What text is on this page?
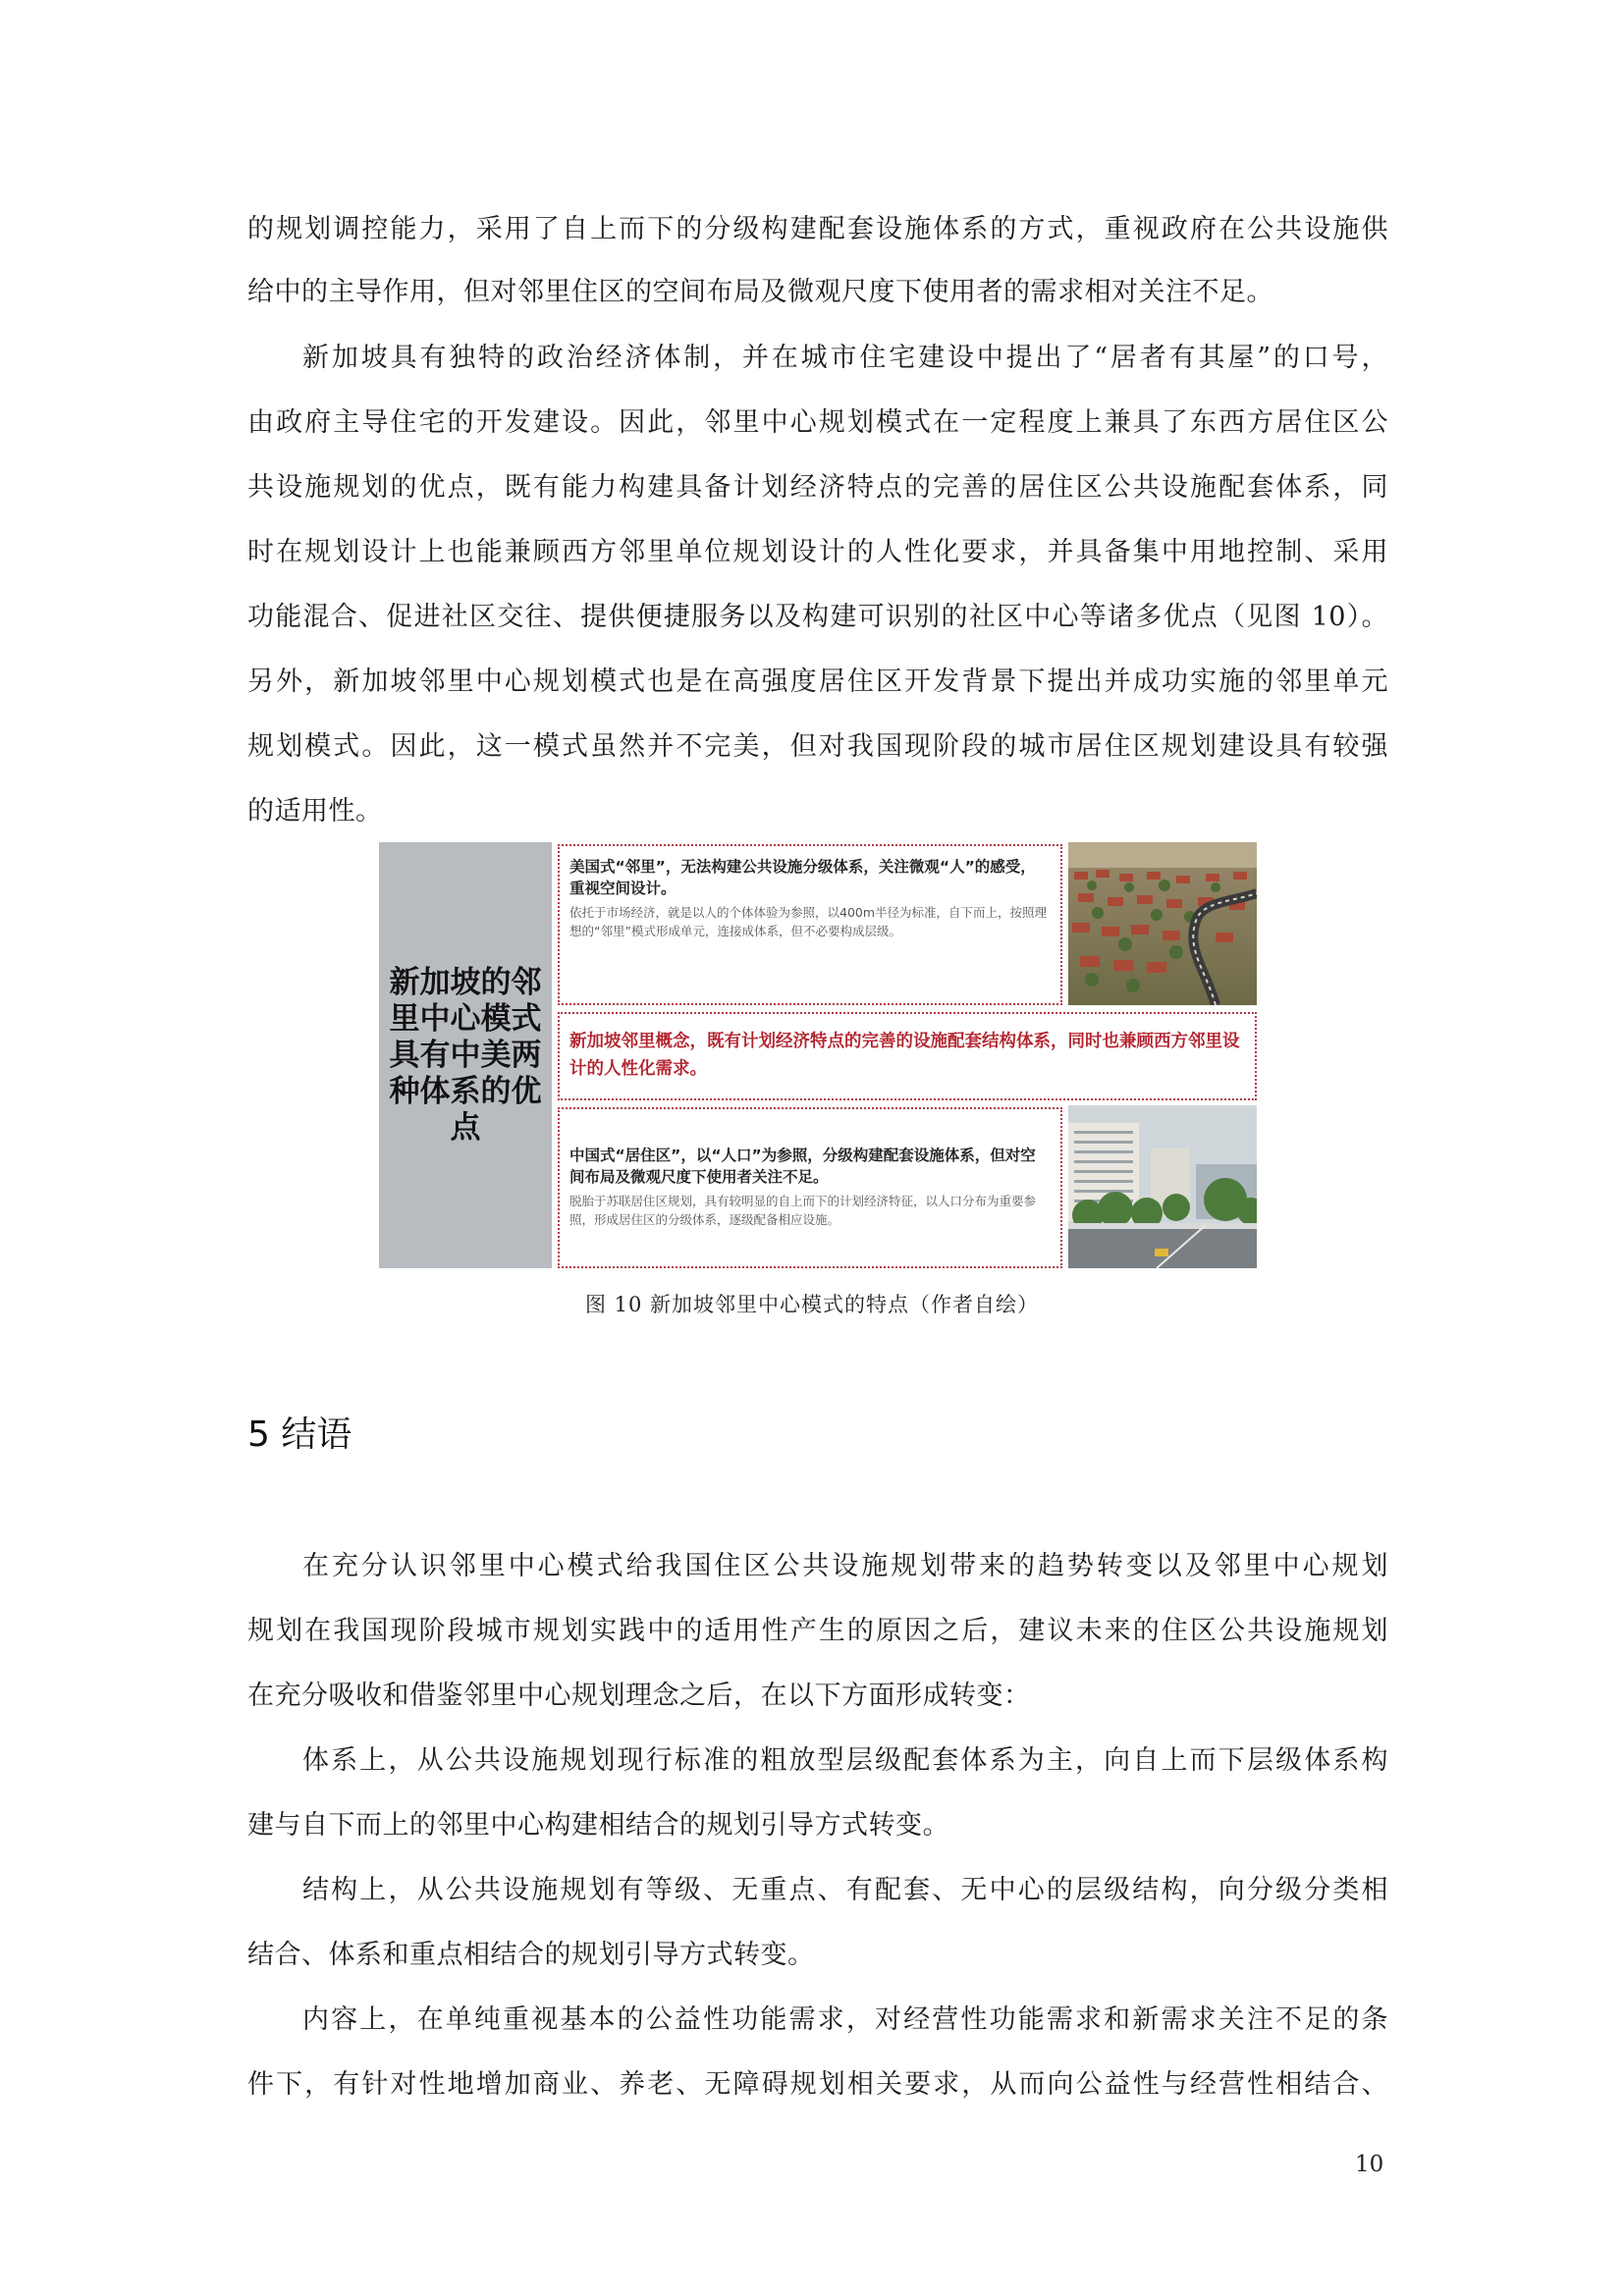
的规划调控能力，采用了自上而下的分级构建配套设施体系的方式，重视政府在公共设施供

给中的主导作用，但对邻里住区的空间布局及微观尺度下使用者的需求相对关注不足。

新加坡具有独特的政治经济体制，并在城市住宅建设中提出了“居者有其屋”的口号，

由政府主导住宅的开发建设。因此，邻里中心规划模式在一定程度上兼具了东西方居住区公

共设施规划的优点，既有能力构建具备计划经济特点的完善的居住区公共设施配套体系，同

时在规划设计上也能兼顾西方邻里单位规划设计的人性化要求，并具备集中用地控制、采用

功能混合、促进社区交往、提供便捷服务以及构建可识别的社区中心等诸多优点（见图 10）。

另外，新加坡邻里中心规划模式也是在高强度居住区开发背景下提出并成功实施的邻里单元

规划模式。因此，这一模式虽然并不完美，但对我国现阶段的城市居住区规划建设具有较强

的适用性。

新加坡的邻里中心模式具有中美两种体系的优点

美国式“邻里”，无法构建公共设施分级体系，关注微观“人”的感受，重视空间设计。

依托于市场经济，就是以人的个体体验为参照，以400m半径为标准，自下而上，按照理想的“邻里”模式形成单元，连接成体系，但不必要构成层级。

新加坡邻里概念，既有计划经济特点的完善的设施配套结构体系，同时也兼顾西方邻里设计的人性化需求。

中国式“居住区”，以“人口”为参照，分级构建配套设施体系，但对空间布局及微观尺度下使用者关注不足。

脱胎于苏联居住区规划，具有较明显的自上而下的计划经济特征，以人口分布为重要参照，形成居住区的分级体系，逐级配备相应设施。

图 10 新加坡邻里中心模式的特点（作者自绘）

5 结语

在充分认识邻里中心模式给我国住区公共设施规划带来的趋势转变以及邻里中心规划

规划在我国现阶段城市规划实践中的适用性产生的原因之后，建议未来的住区公共设施规划

在充分吸收和借鉴邻里中心规划理念之后，在以下方面形成转变：

体系上，从公共设施规划现行标准的粗放型层级配套体系为主，向自上而下层级体系构

建与自下而上的邻里中心构建相结合的规划引导方式转变。

结构上，从公共设施规划有等级、无重点、有配套、无中心的层级结构，向分级分类相

结合、体系和重点相结合的规划引导方式转变。

内容上，在单纯重视基本的公益性功能需求，对经营性功能需求和新需求关注不足的条

件下，有针对性地增加商业、养老、无障碍规划相关要求，从而向公益性与经营性相结合、

10
